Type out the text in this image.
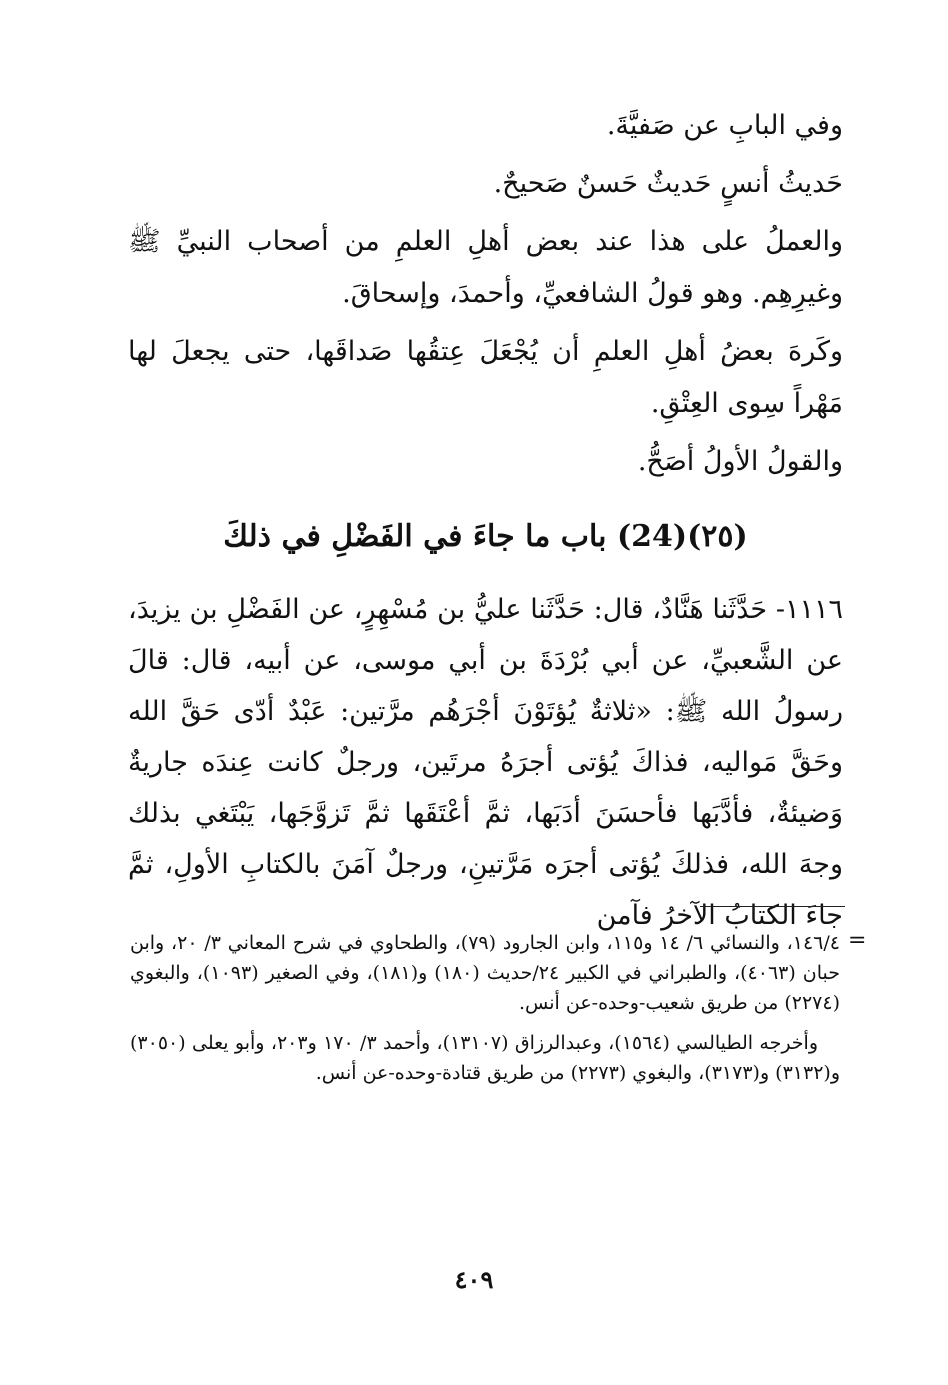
وفي البابِ عن صَفيَّةَ.

حَديثُ أنسٍ حَديثٌ حَسنٌ صَحيحٌ.

والعملُ على هذا عند بعض أهلِ العلمِ من أصحاب النبيِّ ﷺ وغيرِهِم. وهو قولُ الشافعيِّ، وأحمدَ، وإسحاقَ.

وكَرهَ بعضُ أهلِ العلمِ أن يُجْعَلَ عِتقُها صَداقَها، حتى يجعلَ لها مَهْراً سِوى العِتْقِ.

والقولُ الأولُ أصَحُّ.

(٢٥)(24) باب ما جاءَ في الفَضْلِ في ذلكَ

١١١٦- حَدَّثَنا هَنَّادٌ، قال: حَدَّثَنا عليُّ بن مُسْهِرٍ، عن الفَضْلِ بن يزيدَ، عن الشَّعبيِّ، عن أبي بُرْدَةَ بن أبي موسى، عن أبيه، قال: قالَ رسولُ الله ﷺ: «ثلاثةٌ يُؤتَوْنَ أجْرَهُم مرَّتين: عَبْدٌ أدّى حَقَّ الله وحَقَّ مَواليه، فذاكَ يُؤتى أجرَهُ مرتَين، ورجلٌ كانت عِندَه جاريةٌ وَضيئةٌ، فأدَّبَها فأحسَنَ أدَبَها، ثمَّ أعْتَقَها ثمَّ تَزوَّجَها، يَبْتَغي بذلك وجهَ الله، فذلكَ يُؤتى أجرَه مَرَّتينِ، ورجلٌ آمَنَ بالكتابِ الأولِ، ثمَّ جاءَ الكتابُ الآخرُ فآمن

=

١٤٦/٤، والنسائي ٦/ ١٤ و١١٥، وابن الجارود (٧٩)، والطحاوي في شرح المعاني ٣/ ٢٠، وابن حبان (٤٠٦٣)، والطبراني في الكبير ٢٤/حديث (١٨٠) و(١٨١)، وفي الصغير (١٠٩٣)، والبغوي (٢٢٧٤) من طريق شعيب-وحده-عن أنس.

وأخرجه الطيالسي (١٥٦٤)، وعبدالرزاق (١٣١٠٧)، وأحمد ٣/ ١٧٠ و٢٠٣، وأبو يعلى (٣٠٥٠) و(٣١٣٢) و(٣١٧٣)، والبغوي (٢٢٧٣) من طريق قتادة-وحده-عن أنس.

٤٠٩
